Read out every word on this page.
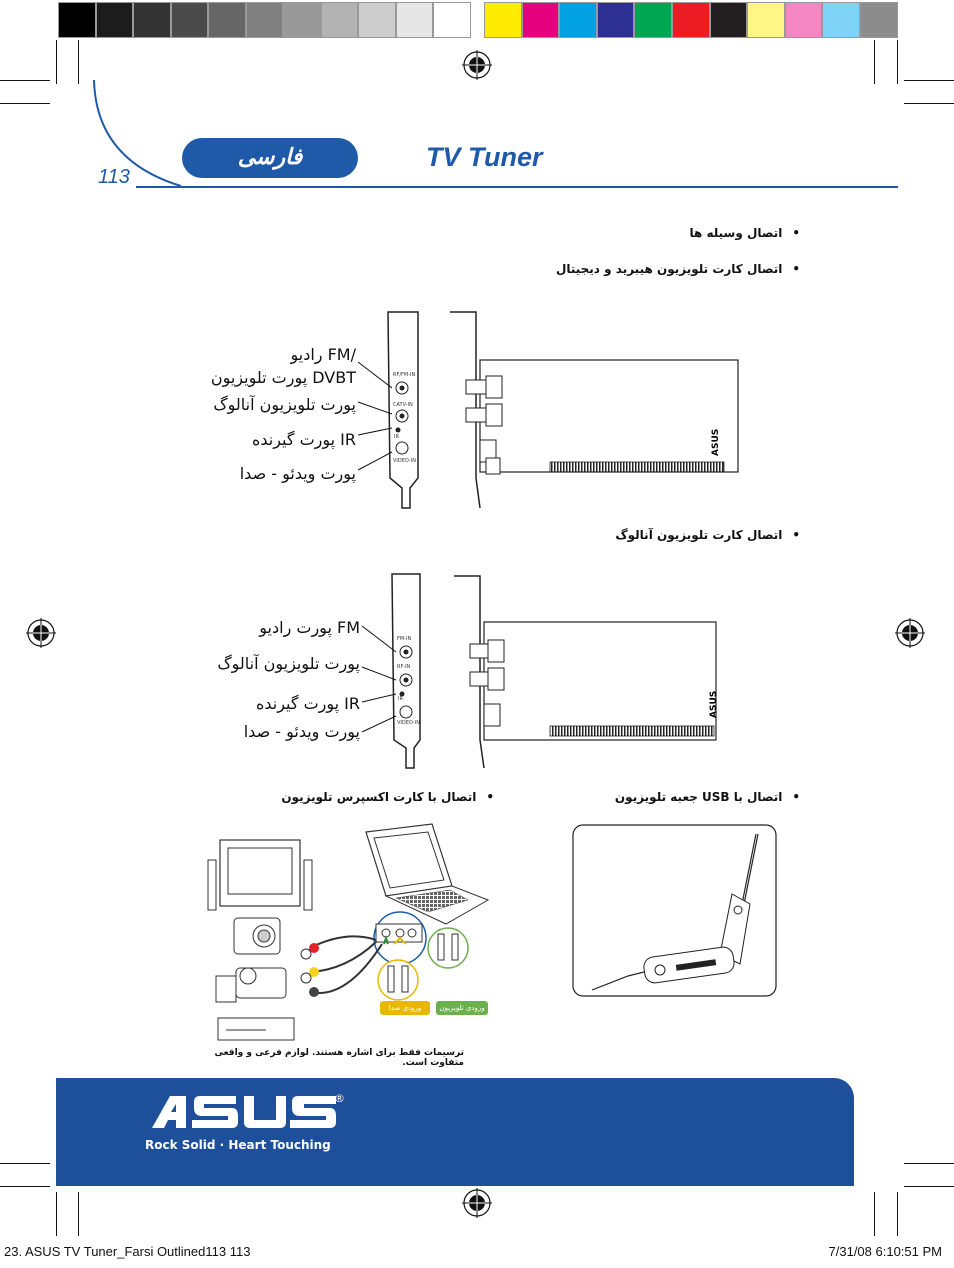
فارسی	TV Tuner
113
•اتصال وسیله ها
•اتصال کارت تلویزیون هیبرید و دیجیتال
ASUS
RF/FM-IN
CATV-IN
IR
VIDEO-IN
/FM رادیو
DVBT پورت تلویزیون
پورت تلویزیون آنالوگ
IR پورت گیرنده
پورت ویدئو - صدا
•اتصال کارت تلویزیون آنالوگ
ASUS
FM-IN
RF-IN
IR
VIDEO-IN
FM پورت رادیو
پورت تلویزیون آنالوگ
IR پورت گیرنده
پورت ویدئو - صدا
•اتصال با USB جعبه تلویزیون
•اتصال با کارت اکسپرس تلویزیون
ورودی صدا	ورودی تلویزیون
ترسیمات فقط برای اشاره هستند. لوازم فرعی و واقعی متفاوت است.
®
Rock Solid · Heart Touching
23. ASUS TV Tuner_Farsi Outlined113 113	7/31/08 6:10:51 PM
